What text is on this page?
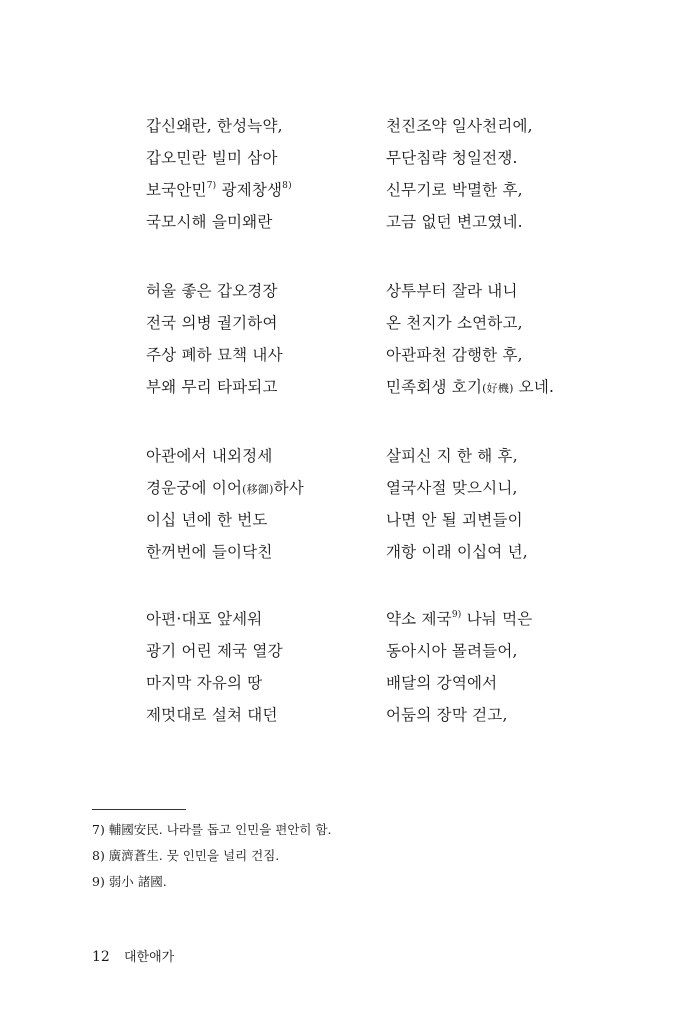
갑신왜란, 한성늑약,
갑오민란 빌미 삼아
보국안민$^{7)}$ 광제창생$^{8)}$
국모시해 을미왜란
천진조약 일사천리에,
무단침략 청일전쟁.
신무기로 박멸한 후,
고금 없던 변고였네.
허울 좋은 갑오경장
전국 의병 궐기하여
주상 폐하 묘책 내사
부왜 무리 타파되고
상투부터 잘라 내니
온 천지가 소연하고,
아관파천 감행한 후,
민족회생 호기(好機) 오네.
아관에서 내외정세
경운궁에 이어(移御)하사
이십 년에 한 번도
한꺼번에 들이닥친
살피신 지 한 해 후,
열국사절 맞으시니,
나면 안 될 괴변들이
개항 이래 이십여 년,
아편·대포 앞세워
광기 어린 제국 열강
마지막 자유의 땅
제멋대로 설쳐 대던
약소 제국$^{9)}$ 나눠 먹은
동아시아 몰려들어,
배달의 강역에서
어둠의 장막 걷고,
7) 輔國安民. 나라를 돕고 인민을 편안히 함.
8) 廣濟蒼生. 뭇 인민을 널리 건짐.
9) 弱小 諸國.
12 대한애가
